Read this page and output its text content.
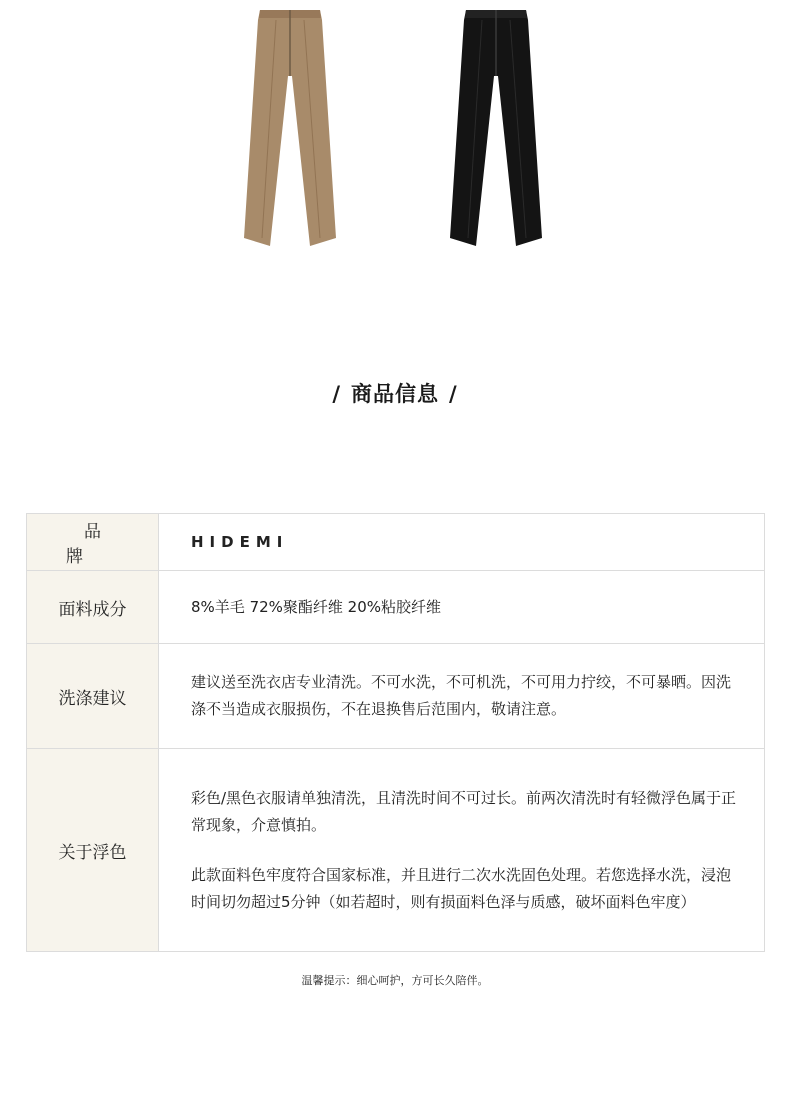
/ 商品信息 /
品牌	HIDEMI
面料成分	8%羊毛 72%聚酯纤维 20%粘胶纤维
洗涤建议	建议送至洗衣店专业清洗。不可水洗，不可机洗，不可用力拧绞，不可暴晒。因洗涤不当造成衣服损伤，不在退换售后范围内，敬请注意。
关于浮色	彩色/黑色衣服请单独清洗，且清洗时间不可过长。前两次清洗时有轻微浮色属于正常现象，介意慎拍。

此款面料色牢度符合国家标准，并且进行二次水洗固色处理。若您选择水洗，浸泡时间切勿超过5分钟（如若超时，则有损面料色泽与质感，破坏面料色牢度）

温馨提示：细心呵护，方可长久陪伴。
